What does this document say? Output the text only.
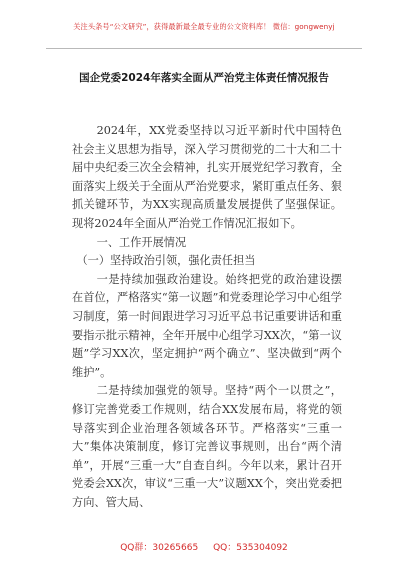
关注头条号“公文研究”，获得最新最全最专业的公文资料库！ 微信：gongwenyj
国企党委2024年落实全面从严治党主体责任情况报告

2024年，XX党委坚持以习近平新时代中国特色社会主义思想为指导，深入学习贯彻党的二十大和二十届中央纪委三次全会精神，扎实开展党纪学习教育，全面落实上级关于全面从严治党要求，紧盯重点任务、狠抓关键环节，为XX实现高质量发展提供了坚强保证。现将2024年全面从严治党工作情况汇报如下。

一、工作开展情况

（一）坚持政治引领，强化责任担当

一是持续加强政治建设。始终把党的政治建设摆在首位，严格落实“第一议题”和党委理论学习中心组学习制度，第一时间跟进学习习近平总书记重要讲话和重要指示批示精神，全年开展中心组学习XX次，“第一议题”学习XX次，坚定拥护“两个确立”、坚决做到“两个维护”。

二是持续加强党的领导。坚持“两个一以贯之”，修订完善党委工作规则，结合XX发展布局，将党的领导落实到企业治理各领域各环节。严格落实“三重一大”集体决策制度，修订完善议事规则，出台“两个清单”，开展“三重一大”自查自纠。今年以来，累计召开党委会XX次，审议“三重一大”议题XX个，突出党委把方向、管大局、

QQ群：30265665 QQ：535304092
